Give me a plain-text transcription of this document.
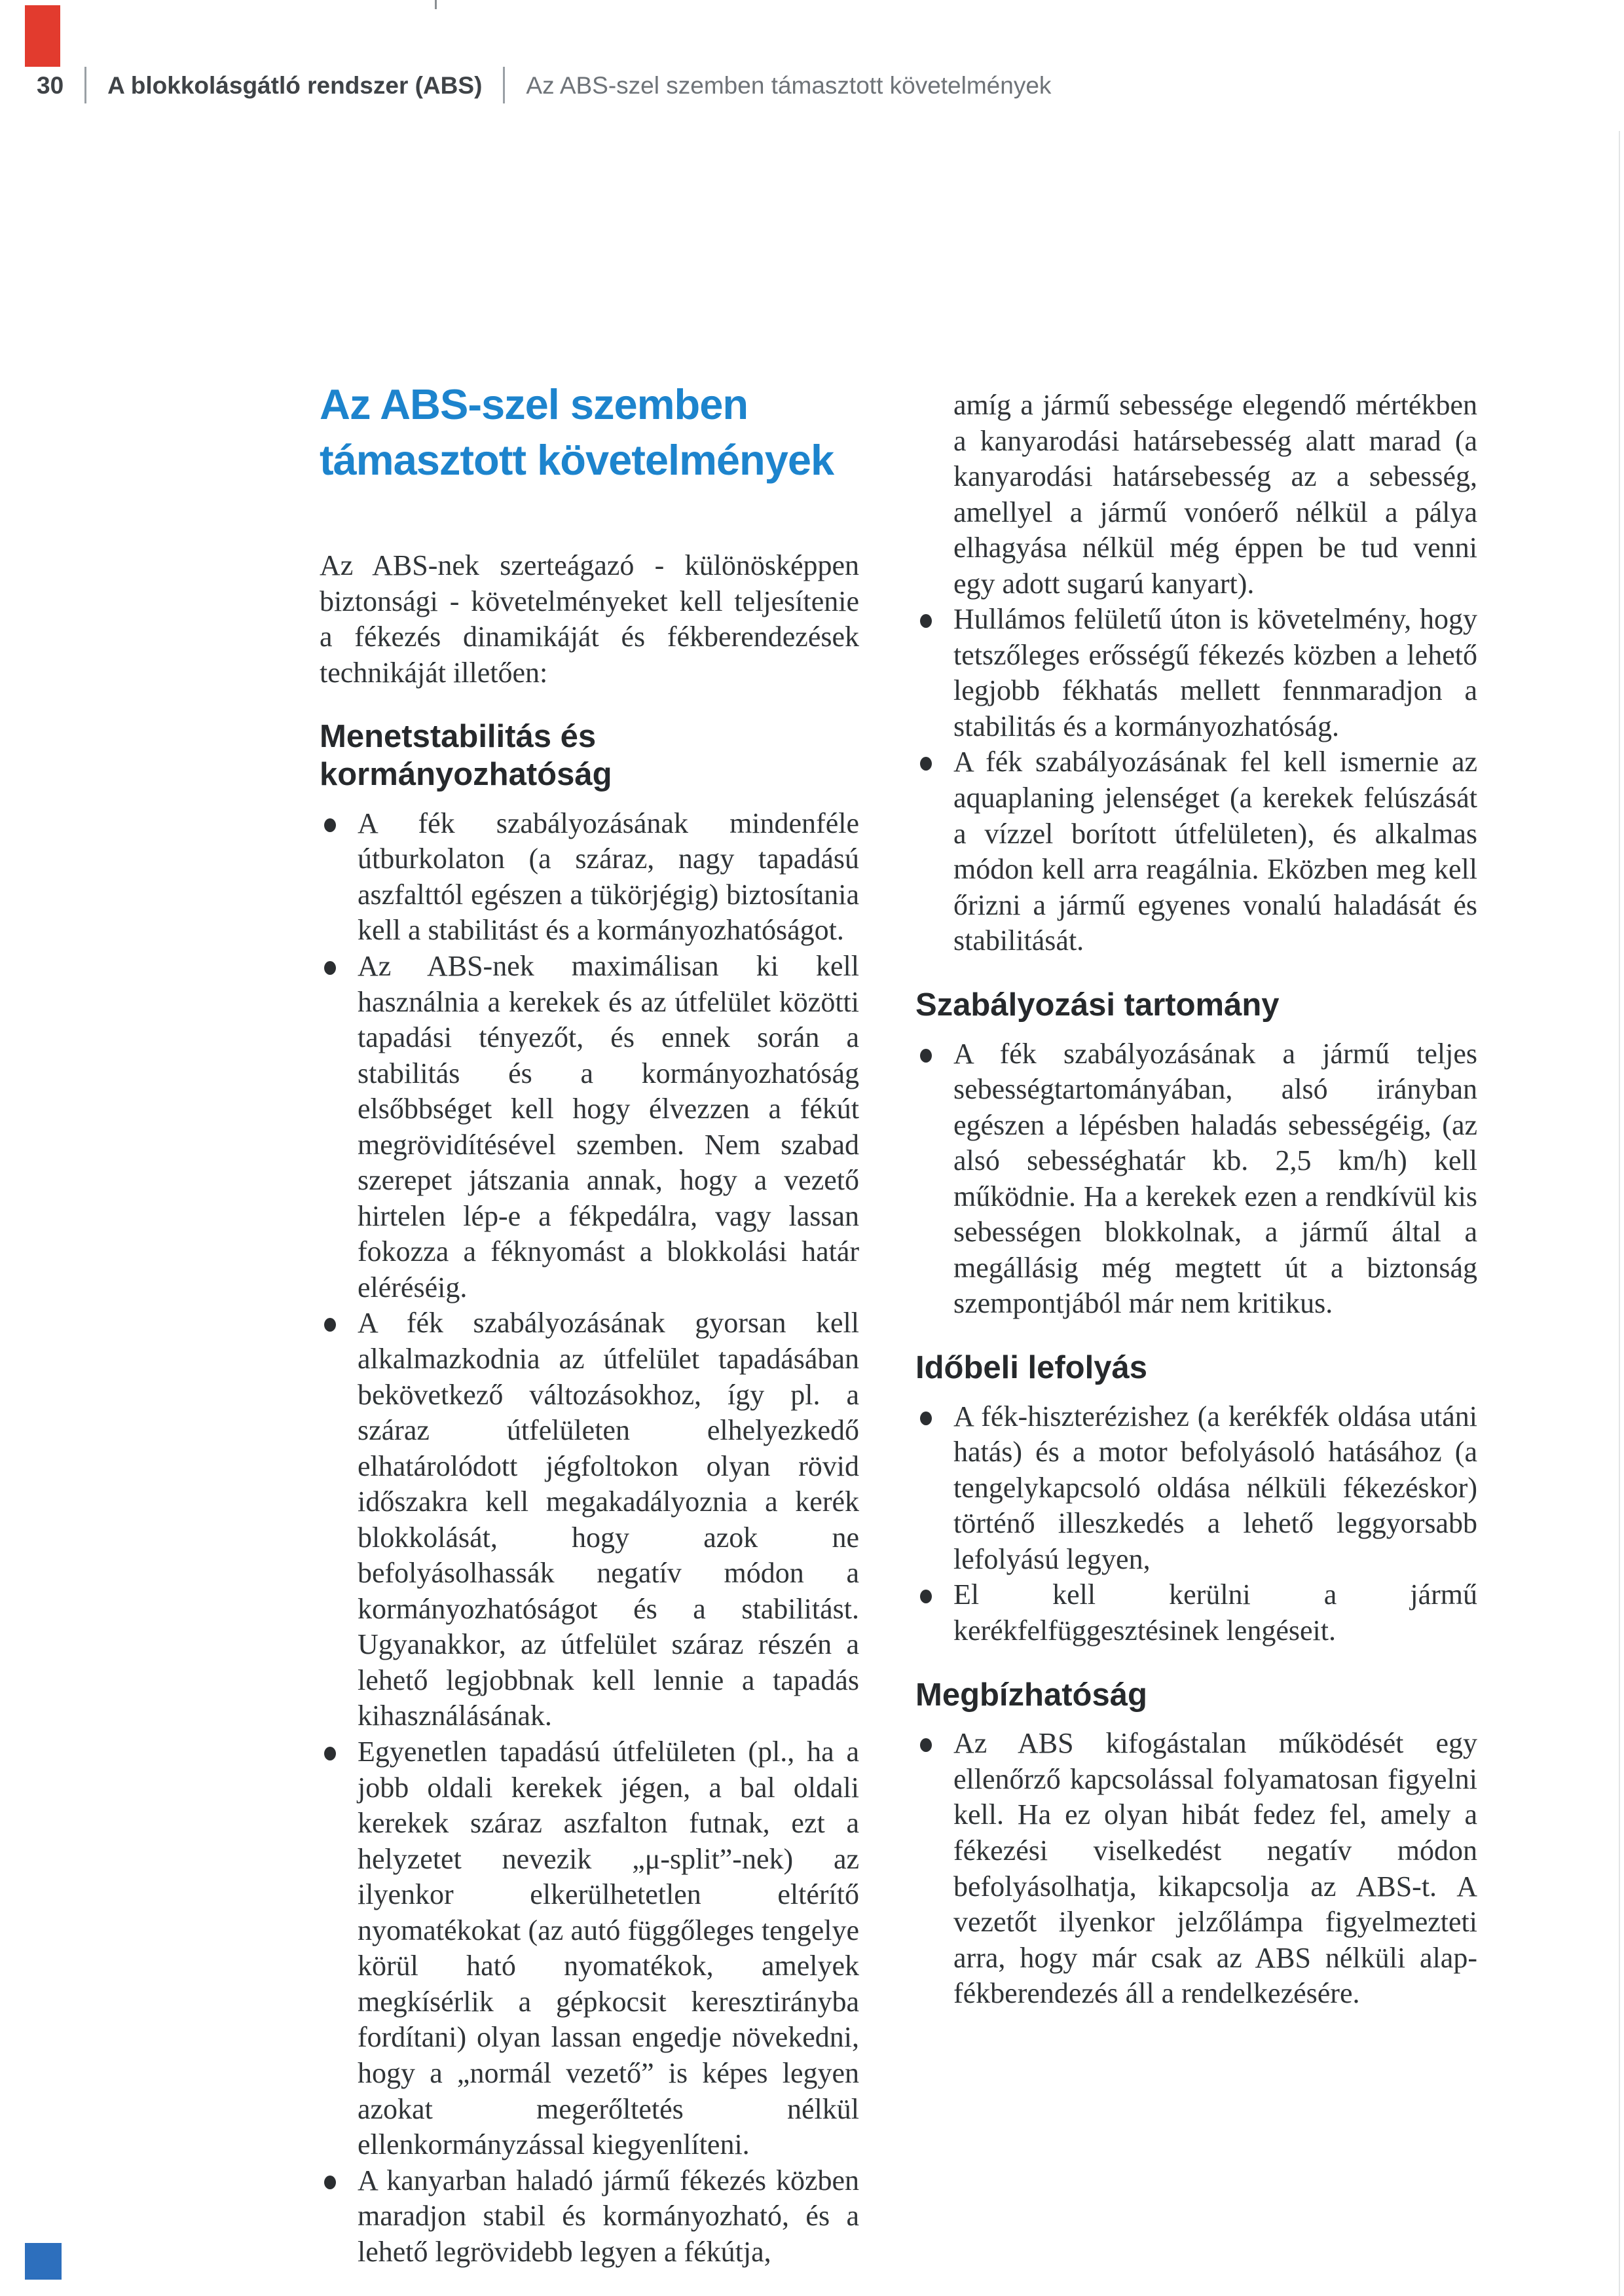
30 A blokkolásgátló rendszer (ABS) Az ABS-szel szemben támasztott követelmények
Az ABS-szel szemben támasztott követelmények

Az ABS-nek szerteágazó - különösképpen biztonsági - követelményeket kell teljesítenie a fékezés dinamikáját és fékberendezések technikáját illetően:

Menetstabilitás és kormányozhatóság
A fék szabályozásának mindenféle útburkolaton (a száraz, nagy tapadású aszfalttól egészen a tükörjégig) biztosítania kell a stabilitást és a kormányozhatóságot.
Az ABS-nek maximálisan ki kell használnia a kerekek és az útfelület közötti tapadási tényezőt, és ennek során a stabilitás és a kormányozhatóság elsőbbséget kell hogy élvezzen a fékút megrövidítésével szemben. Nem szabad szerepet játszania annak, hogy a vezető hirtelen lép-e a fékpedálra, vagy lassan fokozza a féknyomást a blokkolási határ eléréséig.
A fék szabályozásának gyorsan kell alkalmazkodnia az útfelület tapadásában bekövetkező változásokhoz, így pl. a száraz útfelületen elhelyezkedő elhatárolódott jégfoltokon olyan rövid időszakra kell megakadályoznia a kerék blokkolását, hogy azok ne befolyásolhassák negatív módon a kormányozhatóságot és a stabilitást. Ugyanakkor, az útfelület száraz részén a lehető legjobbnak kell lennie a tapadás kihasználásának.
Egyenetlen tapadású útfelületen (pl., ha a jobb oldali kerekek jégen, a bal oldali kerekek száraz aszfalton futnak, ezt a helyzetet nevezik „μ-split”-nek) az ilyenkor elkerülhetetlen eltérítő nyomatékokat (az autó függőleges tengelye körül ható nyomatékok, amelyek megkísérlik a gépkocsit keresztirányba fordítani) olyan lassan engedje növekedni, hogy a „normál vezető” is képes legyen azokat megerőltetés nélkül ellenkormányzással kiegyenlíteni.
A kanyarban haladó jármű fékezés közben maradjon stabil és kormányozható, és a lehető legrövidebb legyen a fékútja,

amíg a jármű sebessége elegendő mértékben a kanyarodási határsebesség alatt marad (a kanyarodási határsebesség az a sebesség, amellyel a jármű vonóerő nélkül a pálya elhagyása nélkül még éppen be tud venni egy adott sugarú kanyart).

Hullámos felületű úton is követelmény, hogy tetszőleges erősségű fékezés közben a lehető legjobb fékhatás mellett fennmaradjon a stabilitás és a kormányozhatóság.
A fék szabályozásának fel kell ismernie az aquaplaning jelenséget (a kerekek felúszását a vízzel borított útfelületen), és alkalmas módon kell arra reagálnia. Eközben meg kell őrizni a jármű egyenes vonalú haladását és stabilitását.
Szabályozási tartomány
A fék szabályozásának a jármű teljes sebességtartományában, alsó irányban egészen a lépésben haladás sebességéig, (az alsó sebességhatár kb. 2,5 km/h) kell működnie. Ha a kerekek ezen a rendkívül kis sebességen blokkolnak, a jármű által a megállásig még megtett út a biztonság szempontjából már nem kritikus.
Időbeli lefolyás
A fék-hiszterézishez (a kerékfék oldása utáni hatás) és a motor befolyásoló hatásához (a tengelykapcsoló oldása nélküli fékezéskor) történő illeszkedés a lehető leggyorsabb lefolyású legyen,
El kell kerülni a jármű kerékfelfüggesztésinek lengéseit.
Megbízhatóság
Az ABS kifogástalan működését egy ellenőrző kapcsolással folyamatosan figyelni kell. Ha ez olyan hibát fedez fel, amely a fékezési viselkedést negatív módon befolyásolhatja, kikapcsolja az ABS-t. A vezetőt ilyenkor jelzőlámpa figyelmezteti arra, hogy már csak az ABS nélküli alap-fékberendezés áll a rendelkezésére.
